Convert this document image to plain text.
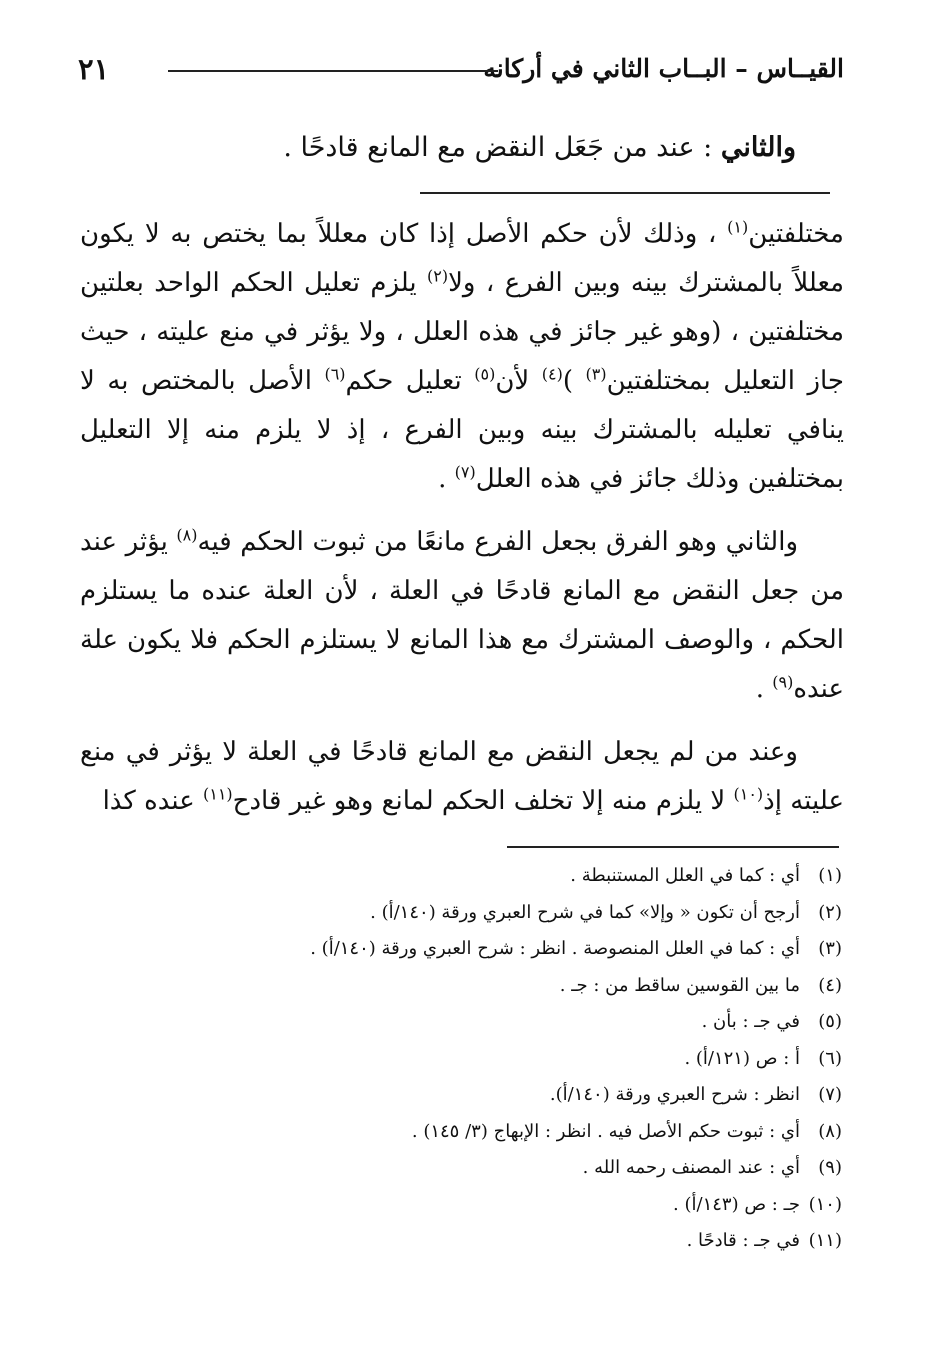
القيــاس – البــاب الثاني في أركانه
٢١
والثاني : عند من جَعَل النقض مع المانع قادحًا .

مختلفتين$^{(١)}$ ، وذلك لأن حكم الأصل إذا كان معللاً بما يختص به لا يكون معللاً بالمشترك بينه وبين الفرع ، ولا$^{(٢)}$ يلزم تعليل الحكم الواحد بعلتين مختلفتين ، (وهو غير جائز في هذه العلل ، ولا يؤثر في منع عليته ، حيث جاز التعليل بمختلفتين$^{(٣)}$ )$^{(٤)}$ لأن$^{(٥)}$ تعليل حكم$^{(٦)}$ الأصل بالمختص به لا ينافي تعليله بالمشترك بينه وبين الفرع ، إذ لا يلزم منه إلا التعليل بمختلفين وذلك جائز في هذه العلل$^{(٧)}$ .

والثاني وهو الفرق بجعل الفرع مانعًا من ثبوت الحكم فيه$^{(٨)}$ يؤثر عند من جعل النقض مع المانع قادحًا في العلة ، لأن العلة عنده ما يستلزم الحكم ، والوصف المشترك مع هذا المانع لا يستلزم الحكم فلا يكون علة عنده$^{(٩)}$ .

وعند من لم يجعل النقض مع المانع قادحًا في العلة لا يؤثر في منع عليته إذ$^{(١٠)}$ لا يلزم منه إلا تخلف الحكم لمانع وهو غير قادح$^{(١١)}$ عنده كذا

(١)أي : كما في العلل المستنبطة .
(٢)أرجح أن تكون « وإلا» كما في شرح العبري ورقة (١٤٠/أ) .
(٣)أي : كما في العلل المنصوصة . انظر : شرح العبري ورقة (١٤٠/أ) .
(٤)ما بين القوسين ساقط من : جـ .
(٥)في جـ : بأن .
(٦)أ : ص (١٢١/أ) .
(٧)انظر : شرح العبري ورقة (١٤٠/أ).
(٨)أي : ثبوت حكم الأصل فيه . انظر : الإبهاج (٣/ ١٤٥) .
(٩)أي : عند المصنف رحمه الله .
(١٠)جـ : ص (١٤٣/أ) .
(١١)في جـ : قادحًا .
